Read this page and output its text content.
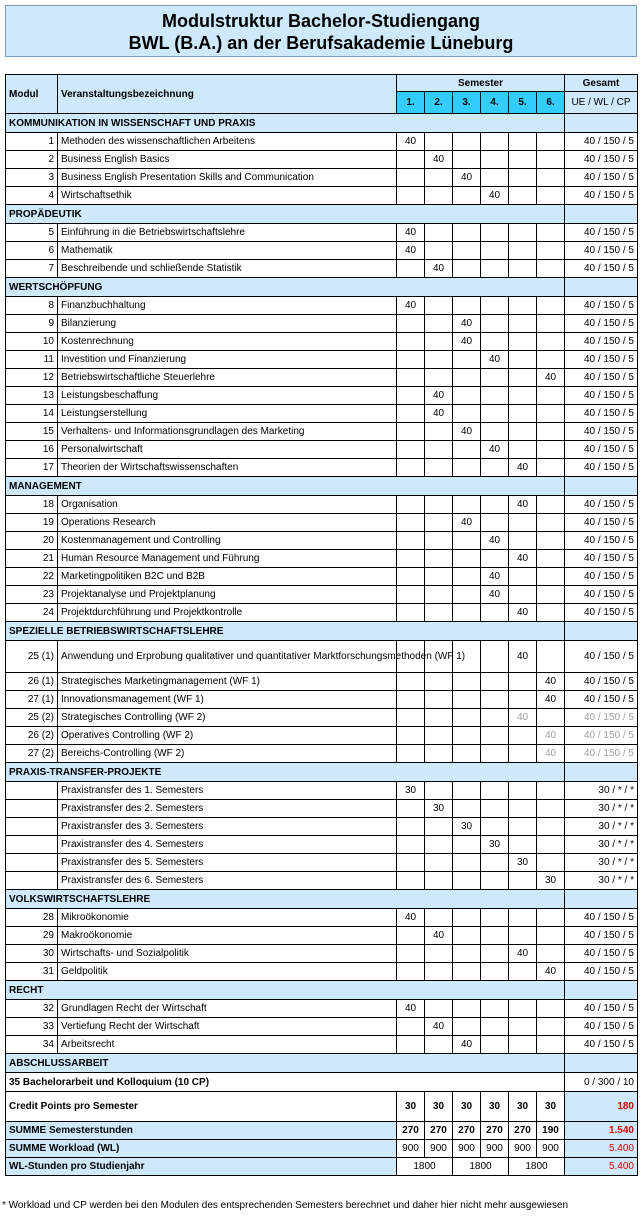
Modulstruktur Bachelor-Studiengang
BWL (B.A.) an der Berufsakademie Lüneburg
Modul	Veranstaltungsbezeichnung	Semester						Gesamt
		1.	2.	3.	4.	5.	6.	UE / WL / CP
KOMMUNIKATION IN WISSENSCHAFT UND PRAXIS								
1	Methoden des wissenschaftlichen Arbeitens	40						40 / 150 / 5
2	Business English Basics		40					40 / 150 / 5
3	Business English Presentation Skills and Communication			40				40 / 150 / 5
4	Wirtschaftsethik				40			40 / 150 / 5
PROPÄDEUTIK								
5	Einführung in die Betriebswirtschaftslehre	40						40 / 150 / 5
6	Mathematik	40						40 / 150 / 5
7	Beschreibende und schließende Statistik		40					40 / 150 / 5
WERTSCHÖPFUNG								
8	Finanzbuchhaltung	40						40 / 150 / 5
9	Bilanzierung			40				40 / 150 / 5
10	Kostenrechnung			40				40 / 150 / 5
11	Investition und Finanzierung				40			40 / 150 / 5
12	Betriebswirtschaftliche Steuerlehre						40	40 / 150 / 5
13	Leistungsbeschaffung		40					40 / 150 / 5
14	Leistungserstellung		40					40 / 150 / 5
15	Verhaltens- und Informationsgrundlagen des Marketing			40				40 / 150 / 5
16	Personalwirtschaft				40			40 / 150 / 5
17	Theorien der Wirtschaftswissenschaften					40		40 / 150 / 5
MANAGEMENT								
18	Organisation					40		40 / 150 / 5
19	Operations Research			40				40 / 150 / 5
20	Kostenmanagement und Controlling				40			40 / 150 / 5
21	Human Resource Management und Führung					40		40 / 150 / 5
22	Marketingpolitiken B2C und B2B				40			40 / 150 / 5
23	Projektanalyse und Projektplanung				40			40 / 150 / 5
24	Projektdurchführung und Projektkontrolle					40		40 / 150 / 5
SPEZIELLE BETRIEBSWIRTSCHAFTSLEHRE								
25 (1)	Anwendung und Erprobung qualitativer und quantitativer Marktforschungsmethoden (WF 1)					40		40 / 150 / 5
26 (1)	Strategisches Marketingmanagement (WF 1)						40	40 / 150 / 5
27 (1)	Innovationsmanagement (WF 1)						40	40 / 150 / 5
25 (2)	Strategisches Controlling (WF 2)					40		40 / 150 / 5
26 (2)	Operatives Controlling (WF 2)						40	40 / 150 / 5
27 (2)	Bereichs-Controlling (WF 2)						40	40 / 150 / 5
PRAXIS-TRANSFER-PROJEKTE								
	Praxistransfer des 1. Semesters	30						30 / * / *
	Praxistransfer des 2. Semesters		30					30 / * / *
	Praxistransfer des 3. Semesters			30				30 / * / *
	Praxistransfer des 4. Semesters				30			30 / * / *
	Praxistransfer des 5. Semesters					30		30 / * / *
	Praxistransfer des 6. Semesters						30	30 / * / *
VOLKSWIRTSCHAFTSLEHRE								
28	Mikroökonomie	40						40 / 150 / 5
29	Makroökonomie		40					40 / 150 / 5
30	Wirtschafts- und Sozialpolitik					40		40 / 150 / 5
31	Geldpolitik						40	40 / 150 / 5
RECHT								
32	Grundlagen Recht der Wirtschaft	40						40 / 150 / 5
33	Vertiefung Recht der Wirtschaft		40					40 / 150 / 5
34	Arbeitsrecht			40				40 / 150 / 5
ABSCHLUSSARBEIT								
35 Bachelorarbeit und Kolloquium (10 CP)								0 / 300 / 10
Credit Points pro Semester		30	30	30	30	30	30	180
SUMME Semesterstunden		270	270	270	270	270	190	1.540
SUMME Workload (WL)		900	900	900	900	900	900	5.400
WL-Stunden pro Studienjahr		1800		1800		1800		5.400
* Workload und CP werden bei den Modulen des entsprechenden Semesters berechnet und daher hier nicht mehr ausgewiesen
